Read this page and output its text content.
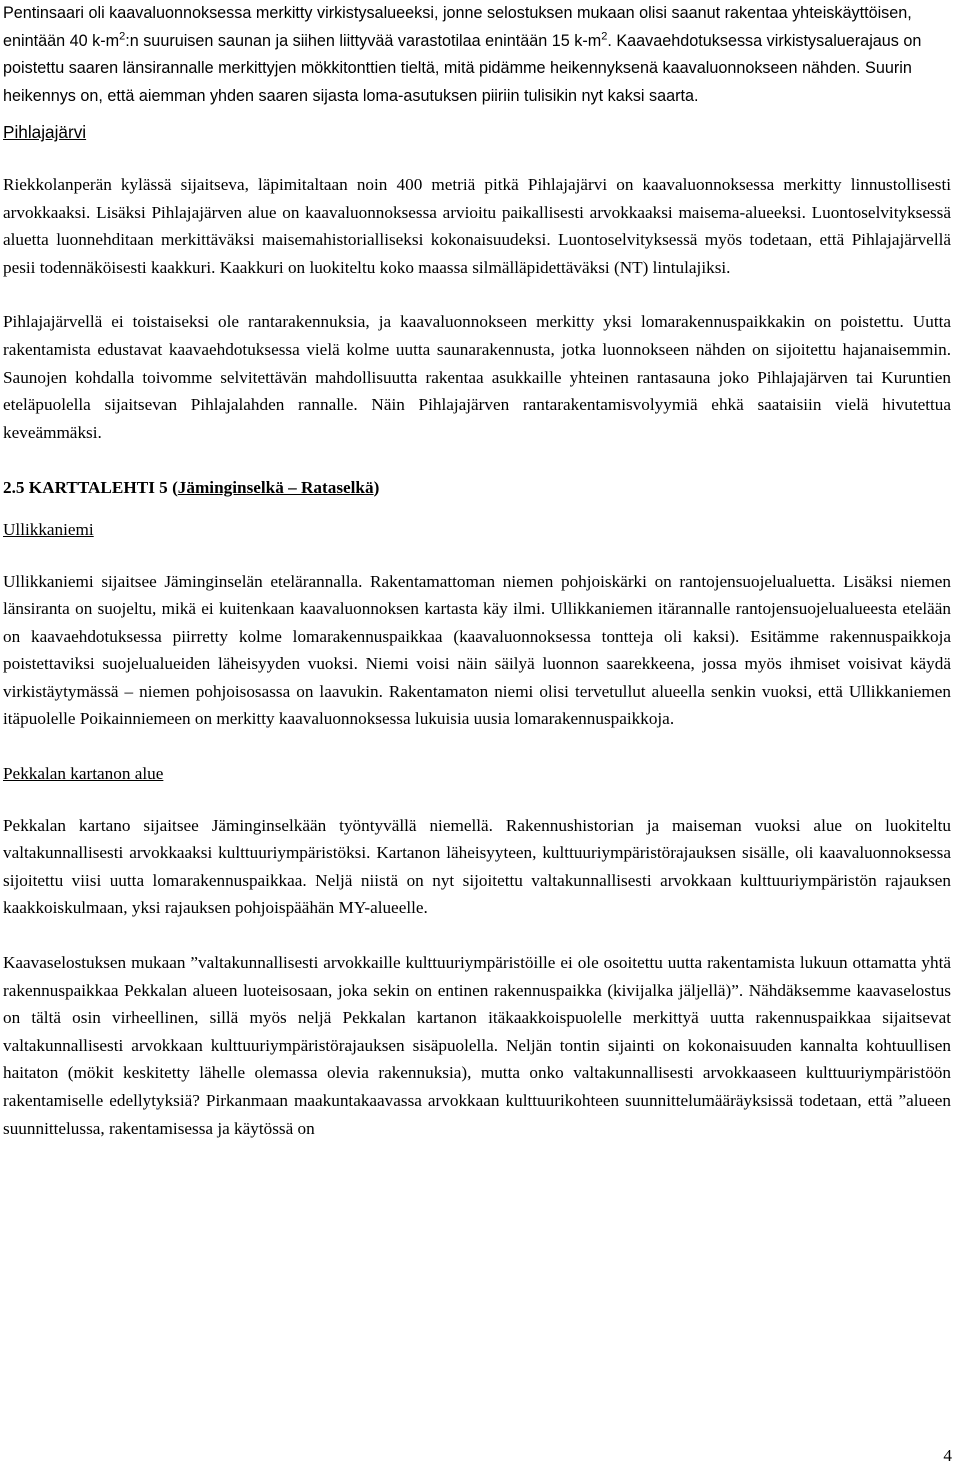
Pentinsaari oli kaavaluonnoksessa merkitty virkistysalueeksi, jonne selostuksen mukaan olisi saanut rakentaa yhteiskäyttöisen, enintään 40 $k-m^2:n$ suuruisen saunan ja siihen liittyvää varastotilaa enintään 15 $k-m^2$. Kaavaehdotuksessa virkistysaluerajaus on poistettu saaren länsirannalle merkittyjen mökkitonttien tieltä, mitä pidämme heikennyksenä kaavaluonnokseen nähden. Suurin heikennys on, että aiemman yhden saaren sijasta loma-asutuksen piiriin tulisikin nyt kaksi saarta.

Pihlajajärvi

Riekkolanperän kylässä sijaitseva, läpimitaltaan noin 400 metriä pitkä Pihlajajärvi on kaavaluonnoksessa merkitty linnustollisesti arvokkaaksi. Lisäksi Pihlajajärven alue on kaavaluonnoksessa arvioitu paikallisesti arvokkaaksi maisema-alueeksi. Luontoselvityksessä aluetta luonnehditaan merkittäväksi maisemahistorialliseksi kokonaisuudeksi. Luontoselvityksessä myös todetaan, että Pihlajajärvellä pesii todennäköisesti kaakkuri. Kaakkuri on luokiteltu koko maassa silmälläpidettäväksi (NT) lintulajiksi.

Pihlajajärvellä ei toistaiseksi ole rantarakennuksia, ja kaavaluonnokseen merkitty yksi lomarakennuspaikkakin on poistettu. Uutta rakentamista edustavat kaavaehdotuksessa vielä kolme uutta saunarakennusta, jotka luonnokseen nähden on sijoitettu hajanaisemmin. Saunojen kohdalla toivomme selvitettävän mahdollisuutta rakentaa asukkaille yhteinen rantasauna joko Pihlajajärven tai Kuruntien eteläpuolella sijaitsevan Pihlajalahden rannalle. Näin Pihlajajärven rantarakentamisvolyymiä ehkä saataisiin vielä hivutettua keveämmäksi.

2.5 KARTTALEHTI 5 (Jäminginselkä – Rataselkä)

Ullikkaniemi

Ullikkaniemi sijaitsee Jäminginselän etelärannalla. Rakentamattoman niemen pohjoiskärki on rantojensuojelualuetta. Lisäksi niemen länsiranta on suojeltu, mikä ei kuitenkaan kaavaluonnoksen kartasta käy ilmi. Ullikkaniemen itärannalle rantojensuojelualueesta etelään on kaavaehdotuksessa piirretty kolme lomarakennuspaikkaa (kaavaluonnoksessa tontteja oli kaksi). Esitämme rakennuspaikkoja poistettaviksi suojelualueiden läheisyyden vuoksi. Niemi voisi näin säilyä luonnon saarekkeena, jossa myös ihmiset voisivat käydä virkistäytymässä – niemen pohjoisosassa on laavukin. Rakentamaton niemi olisi tervetullut alueella senkin vuoksi, että Ullikkaniemen itäpuolelle Poikainniemeen on merkitty kaavaluonnoksessa lukuisia uusia lomarakennuspaikkoja.

Pekkalan kartanon alue

Pekkalan kartano sijaitsee Jäminginselkään työntyvällä niemellä. Rakennushistorian ja maiseman vuoksi alue on luokiteltu valtakunnallisesti arvokkaaksi kulttuuriympäristöksi. Kartanon läheisyyteen, kulttuuriympäristörajauksen sisälle, oli kaavaluonnoksessa sijoitettu viisi uutta lomarakennuspaikkaa. Neljä niistä on nyt sijoitettu valtakunnallisesti arvokkaan kulttuuriympäristön rajauksen kaakkoiskulmaan, yksi rajauksen pohjoispäähän MY-alueelle.

Kaavaselostuksen mukaan ”valtakunnallisesti arvokkaille kulttuuriympäristöille ei ole osoitettu uutta rakentamista lukuun ottamatta yhtä rakennuspaikkaa Pekkalan alueen luoteisosaan, joka sekin on entinen rakennuspaikka (kivijalka jäljellä)”. Nähdäksemme kaavaselostus on tältä osin virheellinen, sillä myös neljä Pekkalan kartanon itäkaakkoispuolelle merkittyä uutta rakennuspaikkaa sijaitsevat valtakunnallisesti arvokkaan kulttuuriympäristörajauksen sisäpuolella. Neljän tontin sijainti on kokonaisuuden kannalta kohtuullisen haitaton (mökit keskitetty lähelle olemassa olevia rakennuksia), mutta onko valtakunnallisesti arvokkaaseen kulttuuriympäristöön rakentamiselle edellytyksiä? Pirkanmaan maakuntakaavassa arvokkaan kulttuurikohteen suunnittelumääräyksissä todetaan, että ”alueen suunnittelussa, rakentamisessa ja käytössä on

4
